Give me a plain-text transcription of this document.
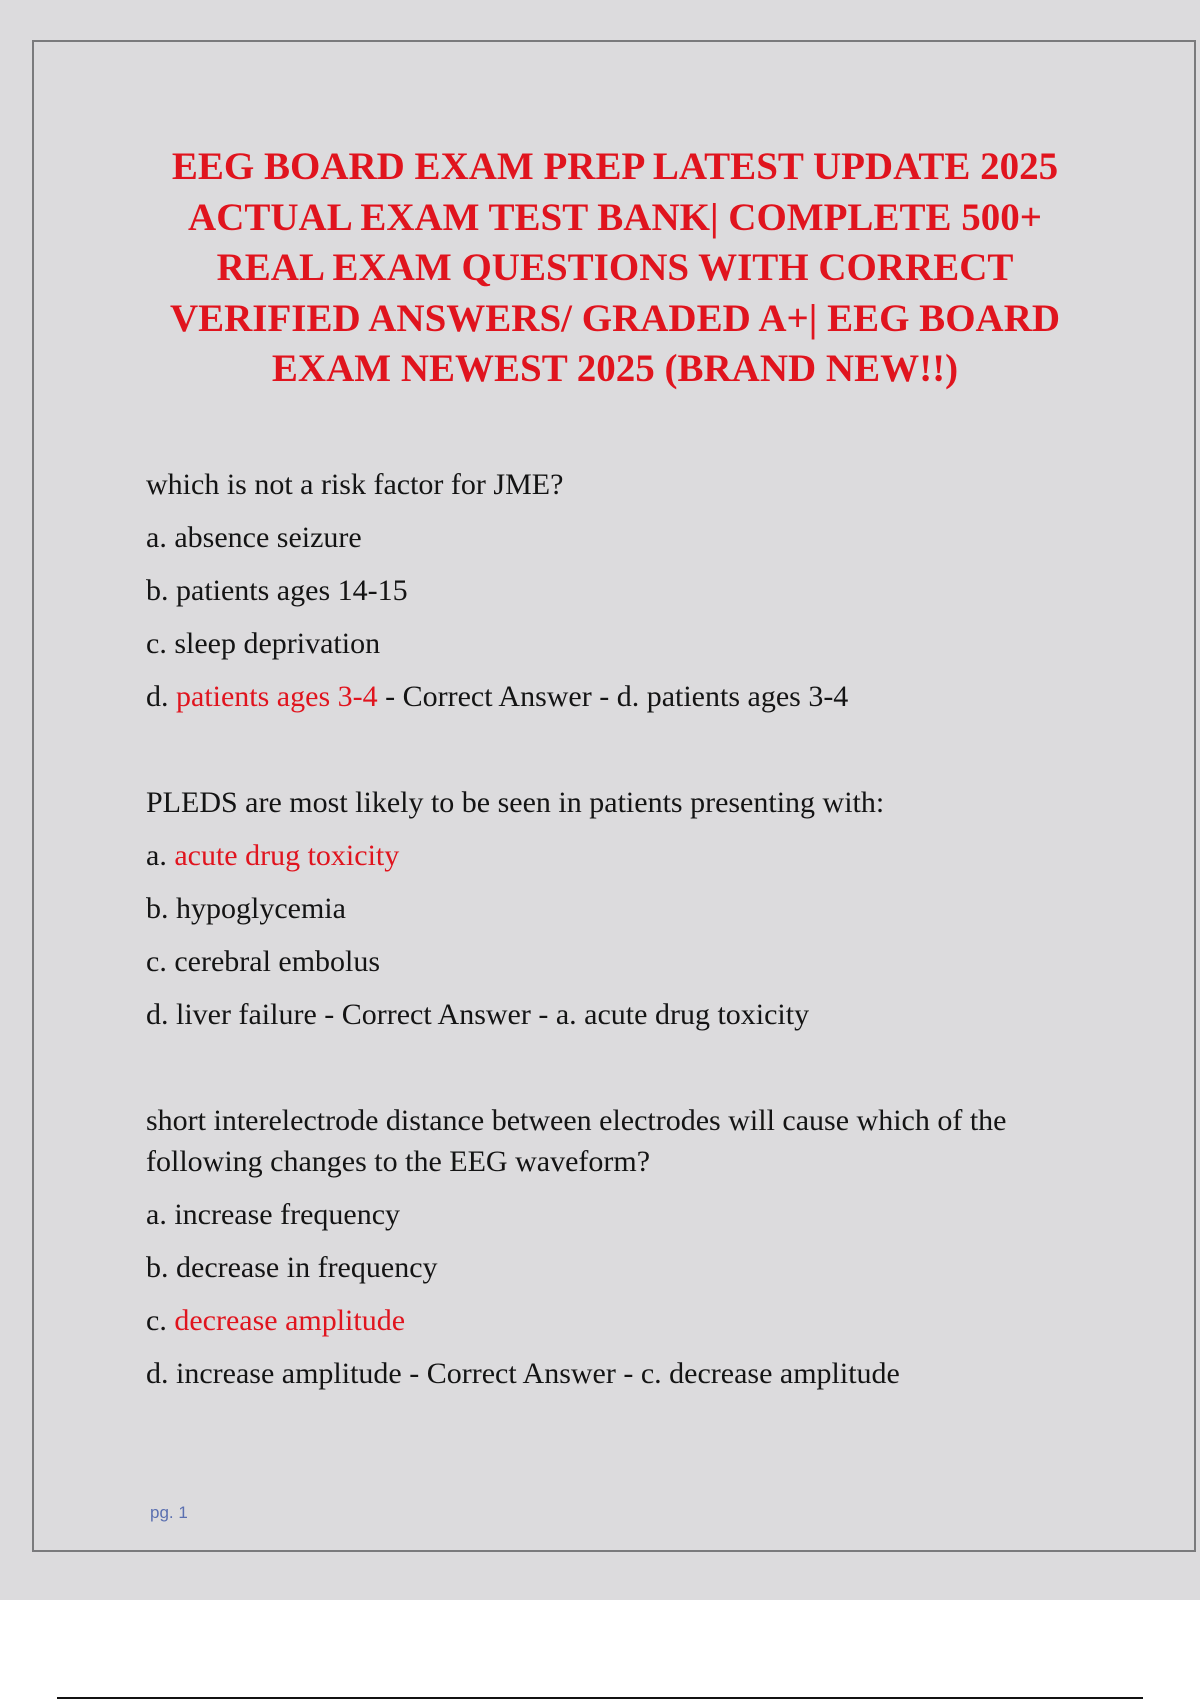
EEG BOARD EXAM PREP LATEST UPDATE 2025
ACTUAL EXAM TEST BANK| COMPLETE 500+
REAL EXAM QUESTIONS WITH CORRECT
VERIFIED ANSWERS/ GRADED A+| EEG BOARD
EXAM NEWEST 2025 (BRAND NEW!!)

which is not a risk factor for JME?

a. absence seizure

b. patients ages 14-15

c. sleep deprivation

d. patients ages 3-4 - Correct Answer - d. patients ages 3-4

PLEDS are most likely to be seen in patients presenting with:

a. acute drug toxicity

b. hypoglycemia

c. cerebral embolus

d. liver failure - Correct Answer - a. acute drug toxicity

short interelectrode distance between electrodes will cause which of the following changes to the EEG waveform?

a. increase frequency

b. decrease in frequency

c. decrease amplitude

d. increase amplitude - Correct Answer - c. decrease amplitude

pg. 1
